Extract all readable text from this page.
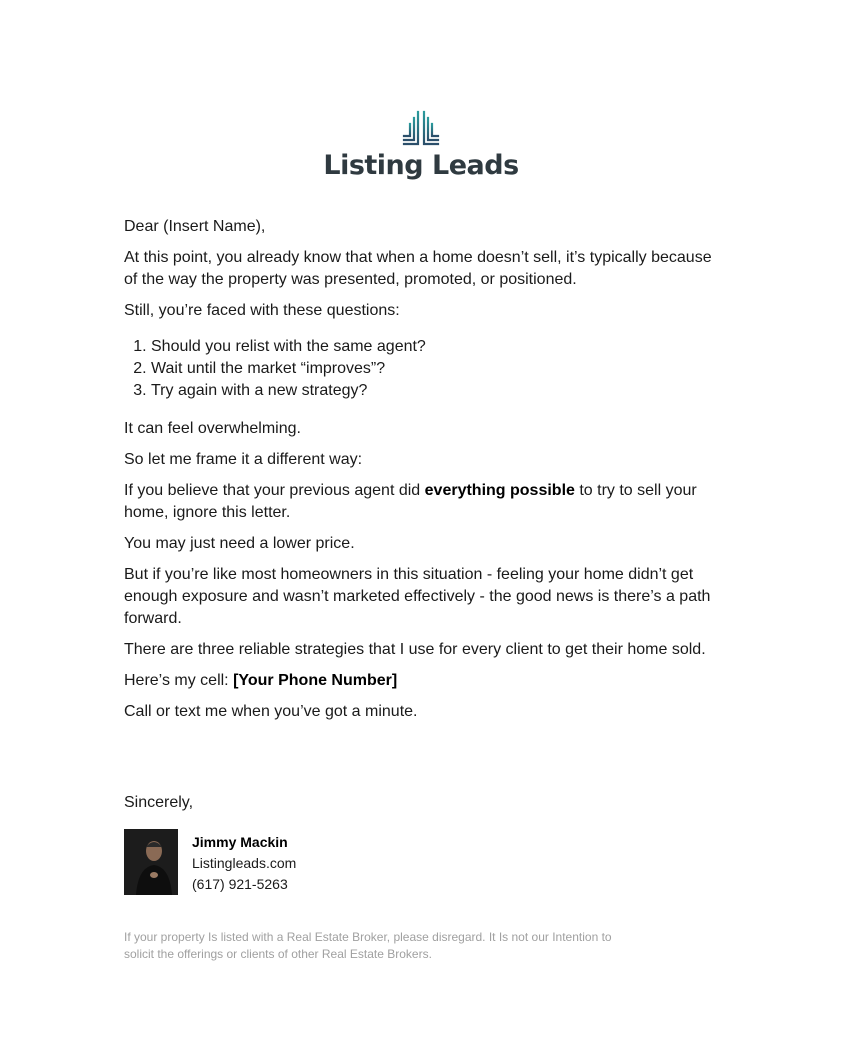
Listing Leads

Dear (Insert Name),

At this point, you already know that when a home doesn’t sell, it’s typically because of the way the property was presented, promoted, or positioned.

Still, you’re faced with these questions:

1. Should you relist with the same agent?
2. Wait until the market “improves”?
3. Try again with a new strategy?

It can feel overwhelming.

So let me frame it a different way:

If you believe that your previous agent did everything possible to try to sell your home, ignore this letter.

You may just need a lower price.

But if you’re like most homeowners in this situation - feeling your home didn’t get enough exposure and wasn’t marketed effectively - the good news is there’s a path forward.

There are three reliable strategies that I use for every client to get their home sold.

Here’s my cell: [Your Phone Number]

Call or text me when you’ve got a minute.

Sincerely,
Jimmy Mackin
Listingleads.com
(617) 921-5263
If your property Is listed with a Real Estate Broker, please disregard. It Is not our Intention to solicit the offerings or clients of other Real Estate Brokers.
